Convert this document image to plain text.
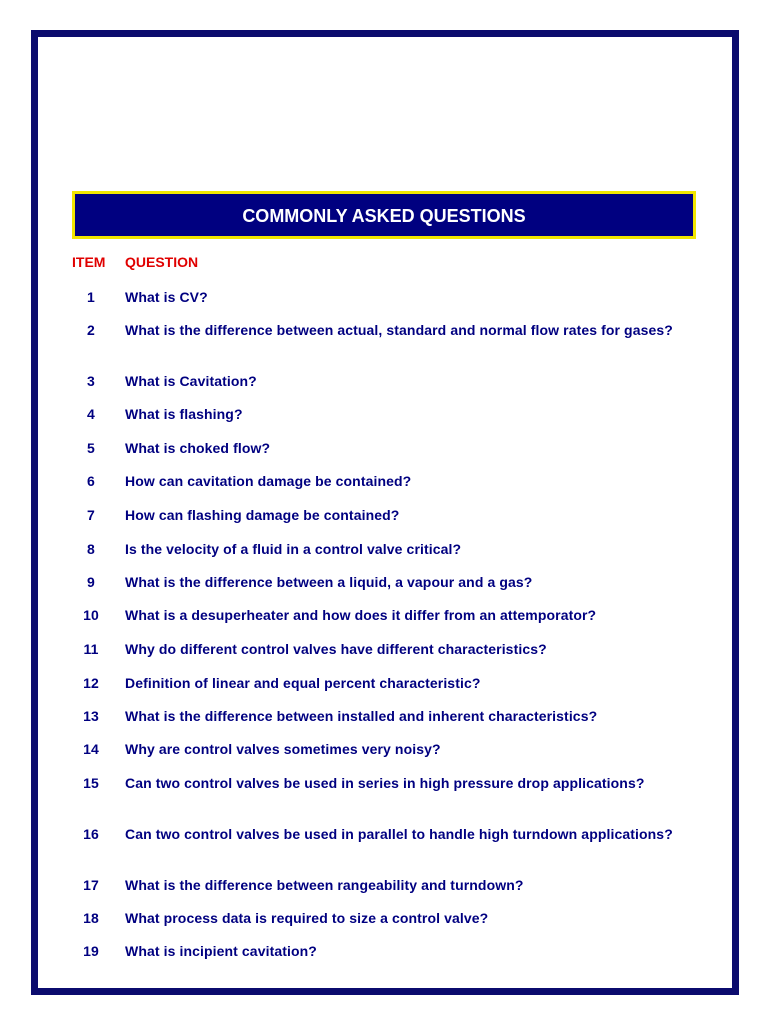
COMMONLY ASKED QUESTIONS
ITEM QUESTION
1	What is CV?
2	What is the difference between actual, standard and normal flow rates for gases?
3	What is Cavitation?
4	What is flashing?
5	What is choked flow?
6	How can cavitation damage be contained?
7	How can flashing damage be contained?
8	Is the velocity of a fluid in a control valve critical?
9	What is the difference between a liquid, a vapour and a gas?
10	What is a desuperheater and how does it differ from an attemporator?
11	Why do different control valves have different characteristics?
12	Definition of linear and equal percent characteristic?
13	What is the difference between installed and inherent characteristics?
14	Why are control valves sometimes very noisy?
15	Can two control valves be used in series in high pressure drop applications?
16	Can two control valves be used in parallel to handle high turndown applications?
17	What is the difference between rangeability and turndown?
18	What process data is required to size a control valve?
19	What is incipient cavitation?
